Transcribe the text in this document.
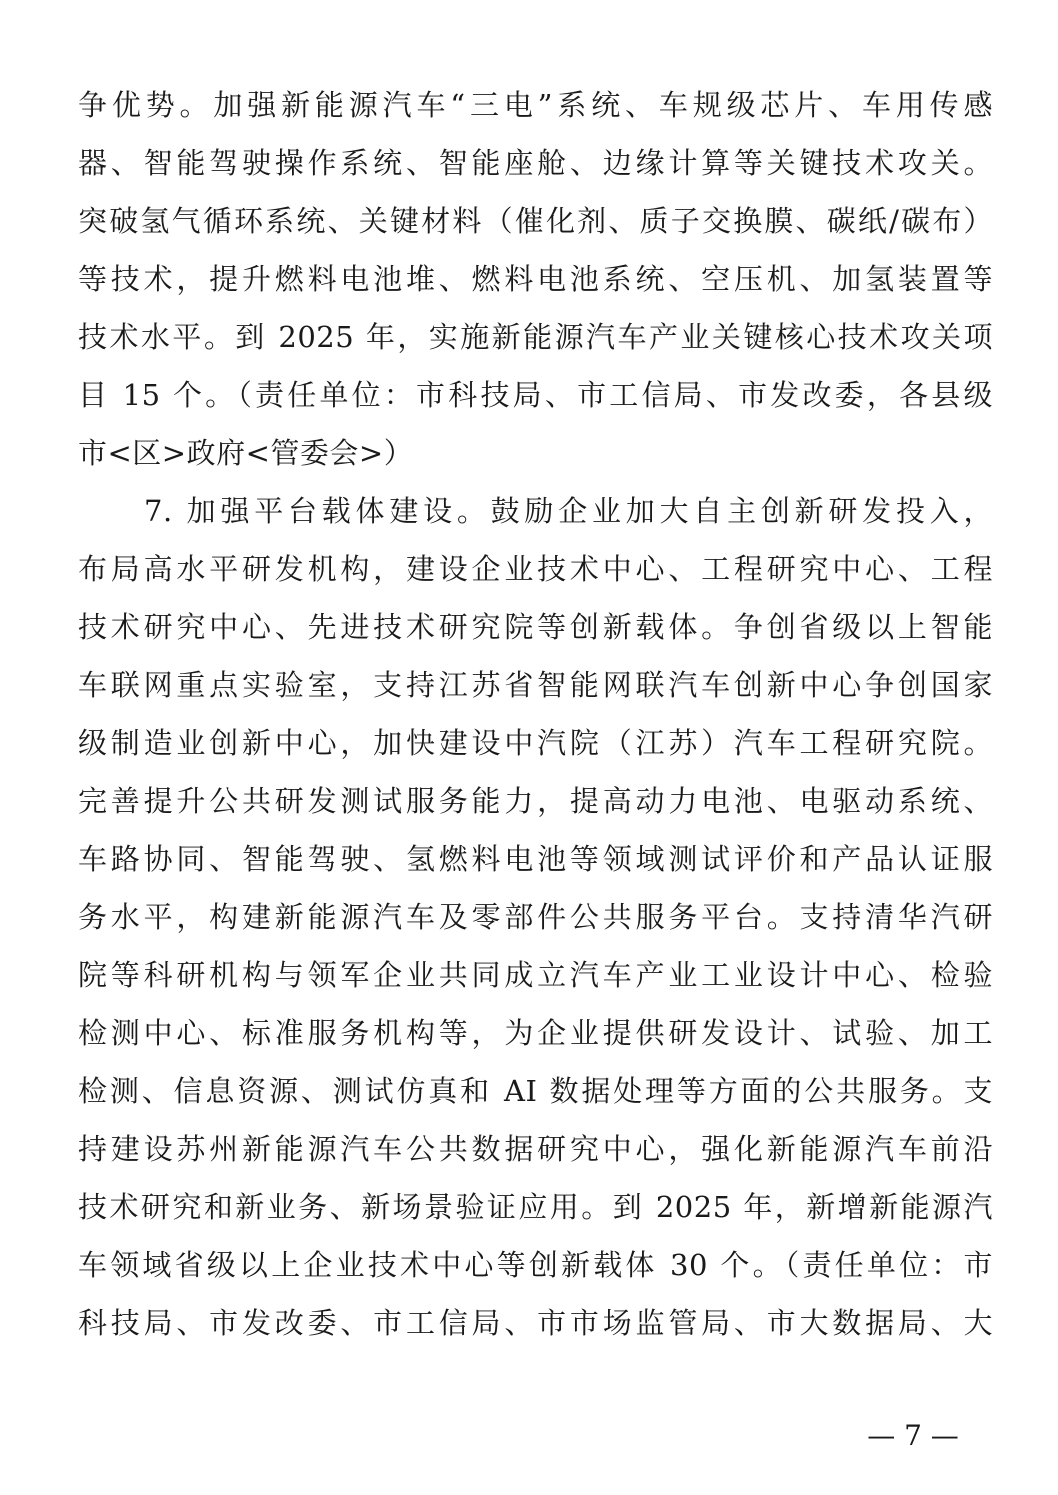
争优势。加强新能源汽车“三电”系统、车规级芯片、车用传感
器、智能驾驶操作系统、智能座舱、边缘计算等关键技术攻关。
突破氢气循环系统、关键材料（催化剂、质子交换膜、碳纸/碳布）
等技术，提升燃料电池堆、燃料电池系统、空压机、加氢装置等
技术水平。到 2025 年，实施新能源汽车产业关键核心技术攻关项
目 15 个。（责任单位：市科技局、市工信局、市发改委，各县级
市<区>政府<管委会>）
7. 加强平台载体建设。鼓励企业加大自主创新研发投入，
布局高水平研发机构，建设企业技术中心、工程研究中心、工程
技术研究中心、先进技术研究院等创新载体。争创省级以上智能
车联网重点实验室，支持江苏省智能网联汽车创新中心争创国家
级制造业创新中心，加快建设中汽院（江苏）汽车工程研究院。
完善提升公共研发测试服务能力，提高动力电池、电驱动系统、
车路协同、智能驾驶、氢燃料电池等领域测试评价和产品认证服
务水平，构建新能源汽车及零部件公共服务平台。支持清华汽研
院等科研机构与领军企业共同成立汽车产业工业设计中心、检验
检测中心、标准服务机构等，为企业提供研发设计、试验、加工
检测、信息资源、测试仿真和 AI 数据处理等方面的公共服务。支
持建设苏州新能源汽车公共数据研究中心，强化新能源汽车前沿
技术研究和新业务、新场景验证应用。到 2025 年，新增新能源汽
车领域省级以上企业技术中心等创新载体 30 个。（责任单位：市
科技局、市发改委、市工信局、市市场监管局、市大数据局、大
— 7 —
